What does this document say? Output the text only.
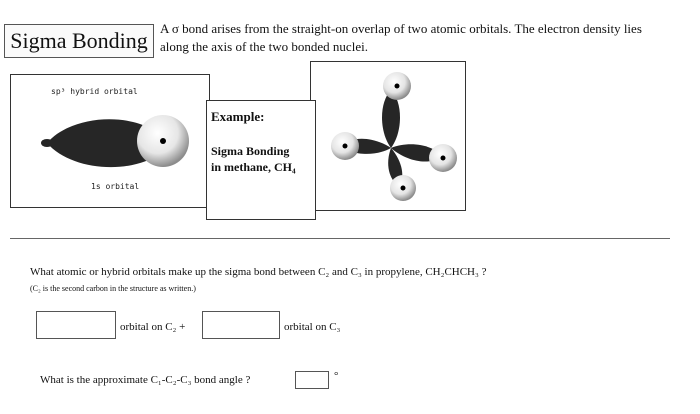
Sigma Bonding A σ bond arises from the straight-on overlap of two atomic orbitals. The electron density lies
along the axis of the two bonded nuclei.
sp³ hybrid orbital
1s orbital
Example:
Sigma Bonding
in methane, CH₄
What atomic or hybrid orbitals make up the sigma bond between C₂ and C₃ in propylene, CH₂CHCH₃ ?
(C₂ is the second carbon in the structure as written.)
orbital on C₂ +	orbital on C₃
What is the approximate C₁-C₂-C₃ bond angle ?	°
